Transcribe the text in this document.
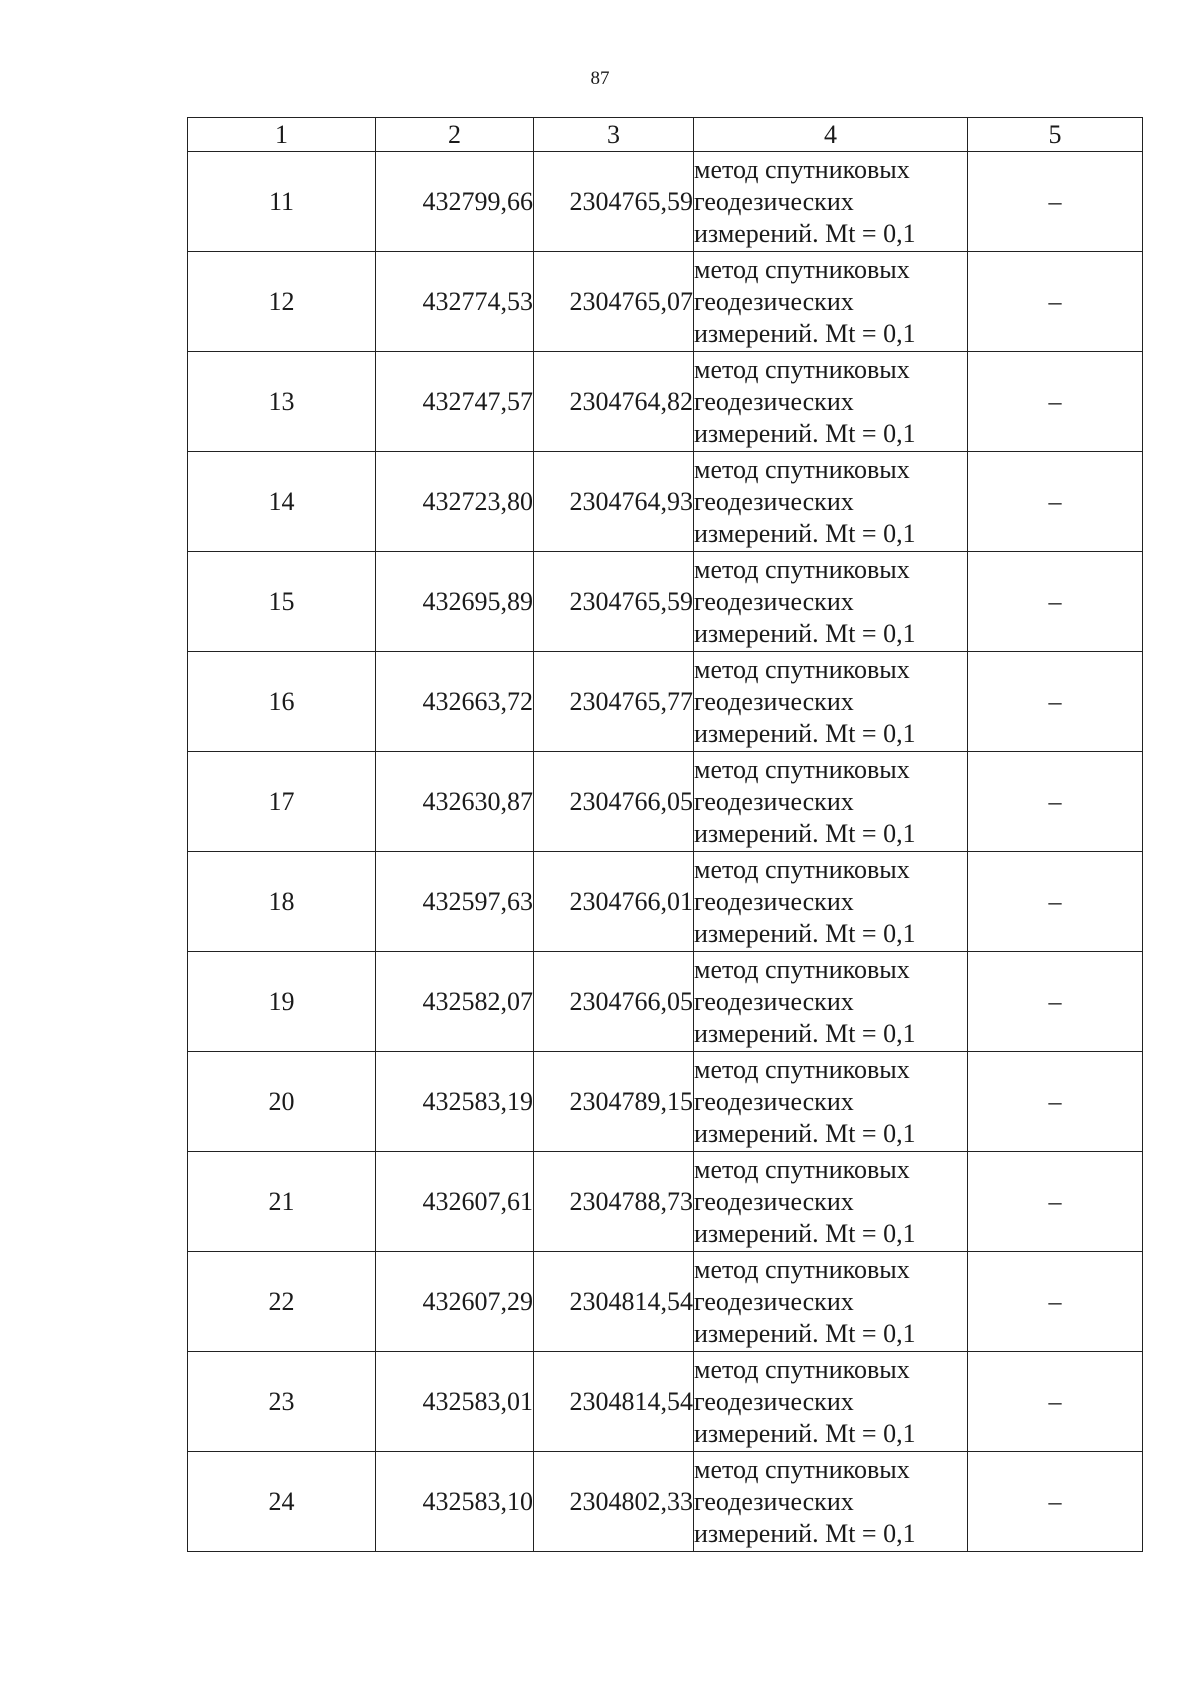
87
1	2	3	4	5
11	432799,66	2304765,59	метод спутниковых
геодезических
измерений. Mt = 0,1	–
12	432774,53	2304765,07	метод спутниковых
геодезических
измерений. Mt = 0,1	–
13	432747,57	2304764,82	метод спутниковых
геодезических
измерений. Mt = 0,1	–
14	432723,80	2304764,93	метод спутниковых
геодезических
измерений. Mt = 0,1	–
15	432695,89	2304765,59	метод спутниковых
геодезических
измерений. Mt = 0,1	–
16	432663,72	2304765,77	метод спутниковых
геодезических
измерений. Mt = 0,1	–
17	432630,87	2304766,05	метод спутниковых
геодезических
измерений. Mt = 0,1	–
18	432597,63	2304766,01	метод спутниковых
геодезических
измерений. Mt = 0,1	–
19	432582,07	2304766,05	метод спутниковых
геодезических
измерений. Mt = 0,1	–
20	432583,19	2304789,15	метод спутниковых
геодезических
измерений. Mt = 0,1	–
21	432607,61	2304788,73	метод спутниковых
геодезических
измерений. Mt = 0,1	–
22	432607,29	2304814,54	метод спутниковых
геодезических
измерений. Mt = 0,1	–
23	432583,01	2304814,54	метод спутниковых
геодезических
измерений. Mt = 0,1	–
24	432583,10	2304802,33	метод спутниковых
геодезических
измерений. Mt = 0,1	–
